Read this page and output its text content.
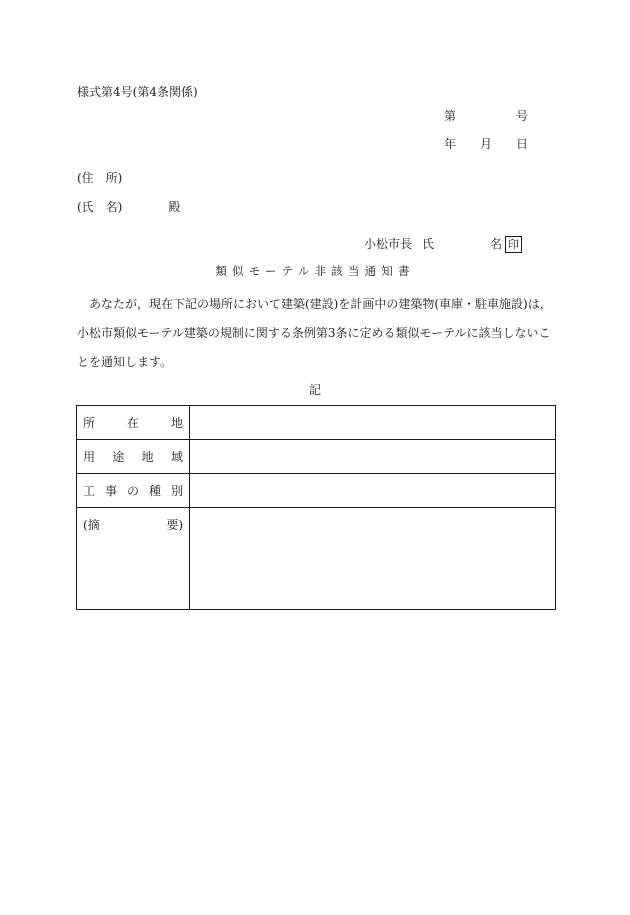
様式第4号(第4条関係)
第	号
年 月 日
(住　所)
(氏　名)	殿
小松市長 氏	名 印
類似モーテル非該当通知書
　あなたが，現在下記の場所において建築(建設)を計画中の建築物(車庫・駐車施設)は，
小松市類似モーテル建築の規制に関する条例第3条に定める類似モーテルに該当しないこ
とを通知します。
記
所 在 地	

用 途 地 域	

工 事 の 種 別	

(摘 要)	
